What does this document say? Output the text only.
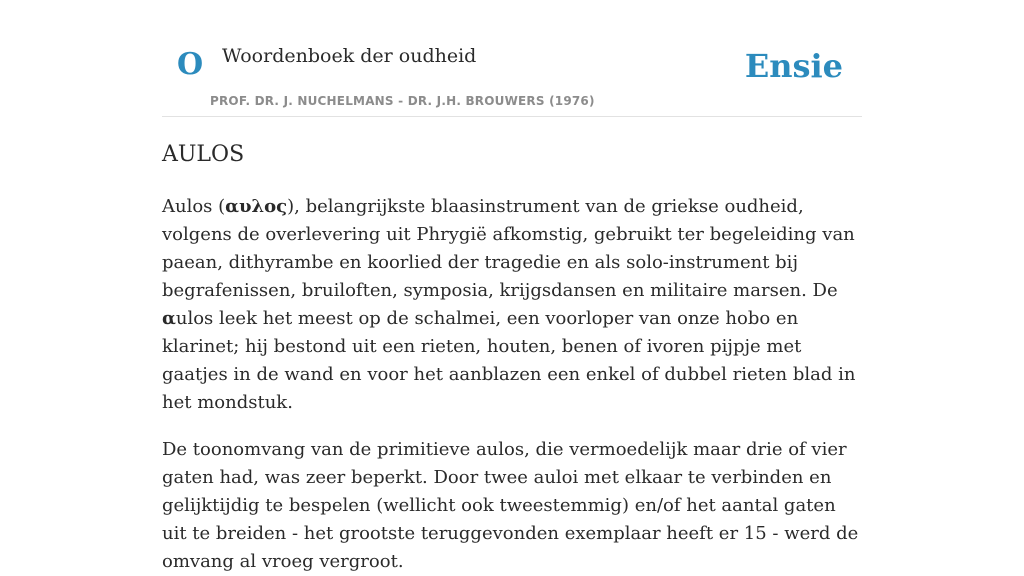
O Woordenboek der oudheid
PROF. DR. J. NUCHELMANS - DR. J.H. BROUWERS (1976)
Ensie
AULOS

Aulos (αυλος), belangrijkste blaasinstrument van de griekse oudheid, volgens de overlevering uit Phrygië afkomstig, gebruikt ter begeleiding van paean, dithyrambe en koorlied der tragedie en als solo-instrument bij begrafenissen, bruiloften, symposia, krijgsdansen en militaire marsen. De αulos leek het meest op de schalmei, een voorloper van onze hobo en klarinet; hij bestond uit een rieten, houten, benen of ivoren pijpje met gaatjes in de wand en voor het aanblazen een enkel of dubbel rieten blad in het mondstuk.

De toonomvang van de primitieve aulos, die vermoedelijk maar drie of vier gaten had, was zeer beperkt. Door twee auloi met elkaar te verbinden en gelijktijdig te bespelen (wellicht ook tweestemmig) en/of het aantal gaten uit te breiden - het grootste teruggevonden exemplaar heeft er 15 - werd de omvang al vroeg vergroot.
